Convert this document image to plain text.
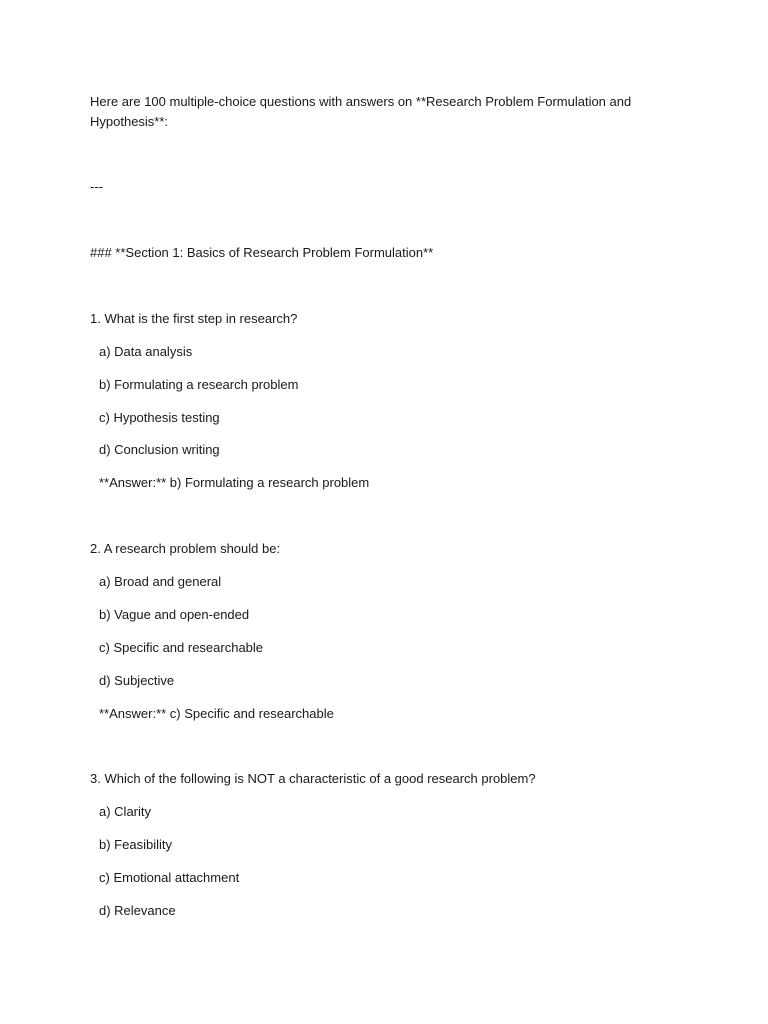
Here are 100 multiple-choice questions with answers on **Research Problem Formulation and Hypothesis**:
---
### **Section 1: Basics of Research Problem Formulation**
1. What is the first step in research?
a) Data analysis
b) Formulating a research problem
c) Hypothesis testing
d) Conclusion writing
**Answer:** b) Formulating a research problem
2. A research problem should be:
a) Broad and general
b) Vague and open-ended
c) Specific and researchable
d) Subjective
**Answer:** c) Specific and researchable
3. Which of the following is NOT a characteristic of a good research problem?
a) Clarity
b) Feasibility
c) Emotional attachment
d) Relevance
